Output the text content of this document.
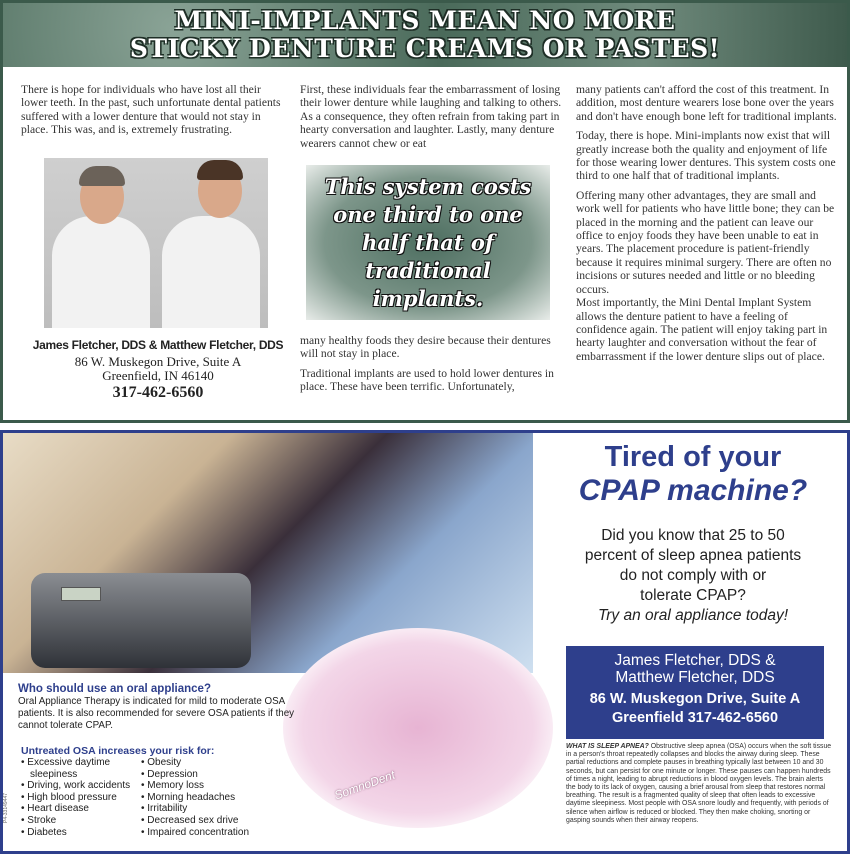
MINI-IMPLANTS MEAN NO MORE
STICKY DENTURE CREAMS OR PASTES!

There is hope for individuals who have lost all their lower teeth. In the past, such unfortunate dental patients suffered with a lower denture that would not stay in place. This was, and is, extremely frustrating.

James Fletcher, DDS & Matthew Fletcher, DDS
86 W. Muskegon Drive, Suite A
Greenfield, IN 46140
317-462-6560

First, these individuals fear the embarrassment of losing their lower denture while laughing and talking to others. As a consequence, they often refrain from taking part in hearty conversation and laughter. Lastly, many denture wearers cannot chew or eat

This system costs
one third to one
half that of
traditional
implants.

many healthy foods they desire because their dentures will not stay in place.

Traditional implants are used to hold lower dentures in place. These have been terrific. Unfortunately,

many patients can't afford the cost of this treatment. In addition, most denture wearers lose bone over the years and don't have enough bone left for traditional implants.

Today, there is hope. Mini-implants now exist that will greatly increase both the quality and enjoyment of life for those wearing lower dentures. This system costs one third to one half that of traditional implants.

Offering many other advantages, they are small and work well for patients who have little bone; they can be placed in the morning and the patient can leave our office to enjoy foods they have been unable to eat in years. The placement procedure is patient-friendly because it requires minimal surgery. There are often no incisions or sutures needed and little or no bleeding occurs.

Most importantly, the Mini Dental Implant System allows the denture patient to have a feeling of confidence again. The patient will enjoy taking part in hearty laughter and conversation without the fear of embarrassment if the lower denture slips out of place.

SomnoDent
Who should use an oral appliance?

Oral Appliance Therapy is indicated for mild to moderate OSA patients. It is also recommended for severe OSA patients if they cannot tolerate CPAP.

Untreated OSA increases your risk for:
• Excessive daytime
sleepiness
• Driving, work accidents
• High blood pressure
• Heart disease
• Stroke
• Diabetes
• Obesity
• Depression
• Memory loss
• Morning headaches
• Irritability
• Decreased sex drive
• Impaired concentration
P4-33149447
Tired of your
CPAP machine?
Did you know that 25 to 50
percent of sleep apnea patients
do not comply with or
tolerate CPAP?
Try an oral appliance today!
James Fletcher, DDS &
Matthew Fletcher, DDS
86 W. Muskegon Drive, Suite A
Greenfield 317-462-6560

WHAT IS SLEEP APNEA? Obstructive sleep apnea (OSA) occurs when the soft tissue in a person's throat repeatedly collapses and blocks the airway during sleep. These partial reductions and complete pauses in breathing typically last between 10 and 30 seconds, but can persist for one minute or longer. These pauses can happen hundreds of times a night, leading to abrupt reductions in blood oxygen levels. The brain alerts the body to its lack of oxygen, causing a brief arousal from sleep that restores normal breathing. The result is a fragmented quality of sleep that often leads to excessive daytime sleepiness. Most people with OSA snore loudly and frequently, with periods of silence when airflow is reduced or blocked. They then make choking, snorting or gasping sounds when their airway reopens.
